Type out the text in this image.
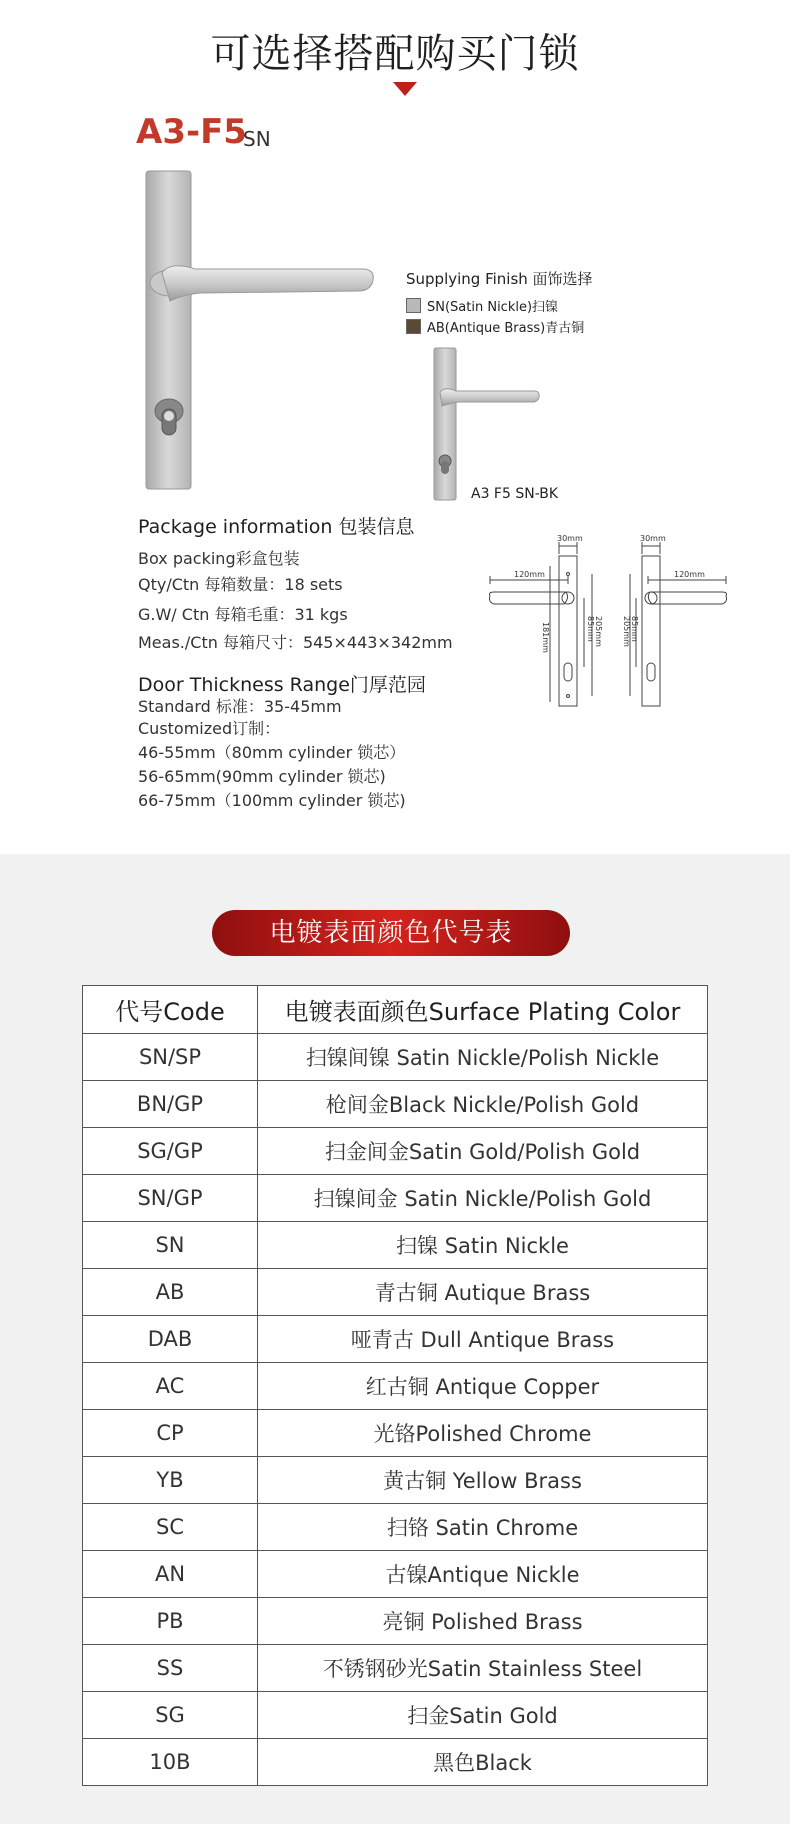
可选择搭配购买门锁
A3-F5
SN
Supplying Finish 面饰选择
SN(Satin Nickle)扫镍
AB(Antique Brass)青古铜
A3 F5 SN-BK
Package information 包装信息
Box packing彩盒包装
Qty/Ctn 每箱数量：18 sets
G.W/ Ctn 每箱毛重：31 kgs
Meas./Ctn 每箱尺寸：545×443×342mm
Door Thickness Range门厚范园
Standard 标准：35-45mm
Customized订制：
46-55mm（80mm cylinder 锁芯）
56-65mm(90mm cylinder 锁芯)
66-75mm（100mm cylinder 锁芯)
30mm	30mm
120mm	120mm
181mm	85mm 205mm 205mm 85mm
电镀表面颜色代号表
代号Code	电镀表面颜色Surface Plating Color
SN/SP	扫镍间镍 Satin Nickle/Polish Nickle
BN/GP	枪间金Black Nickle/Polish Gold
SG/GP	扫金间金Satin Gold/Polish Gold
SN/GP	扫镍间金 Satin Nickle/Polish Gold
SN	扫镍 Satin Nickle
AB	青古铜 Autique Brass
DAB	哑青古 Dull Antique Brass
AC	红古铜 Antique Copper
CP	光铬Polished Chrome
YB	黄古铜 Yellow Brass
SC	扫铬 Satin Chrome
AN	古镍Antique Nickle
PB	亮铜 Polished Brass
SS	不锈钢砂光Satin Stainless Steel
SG	扫金Satin Gold
10B	黑色Black
